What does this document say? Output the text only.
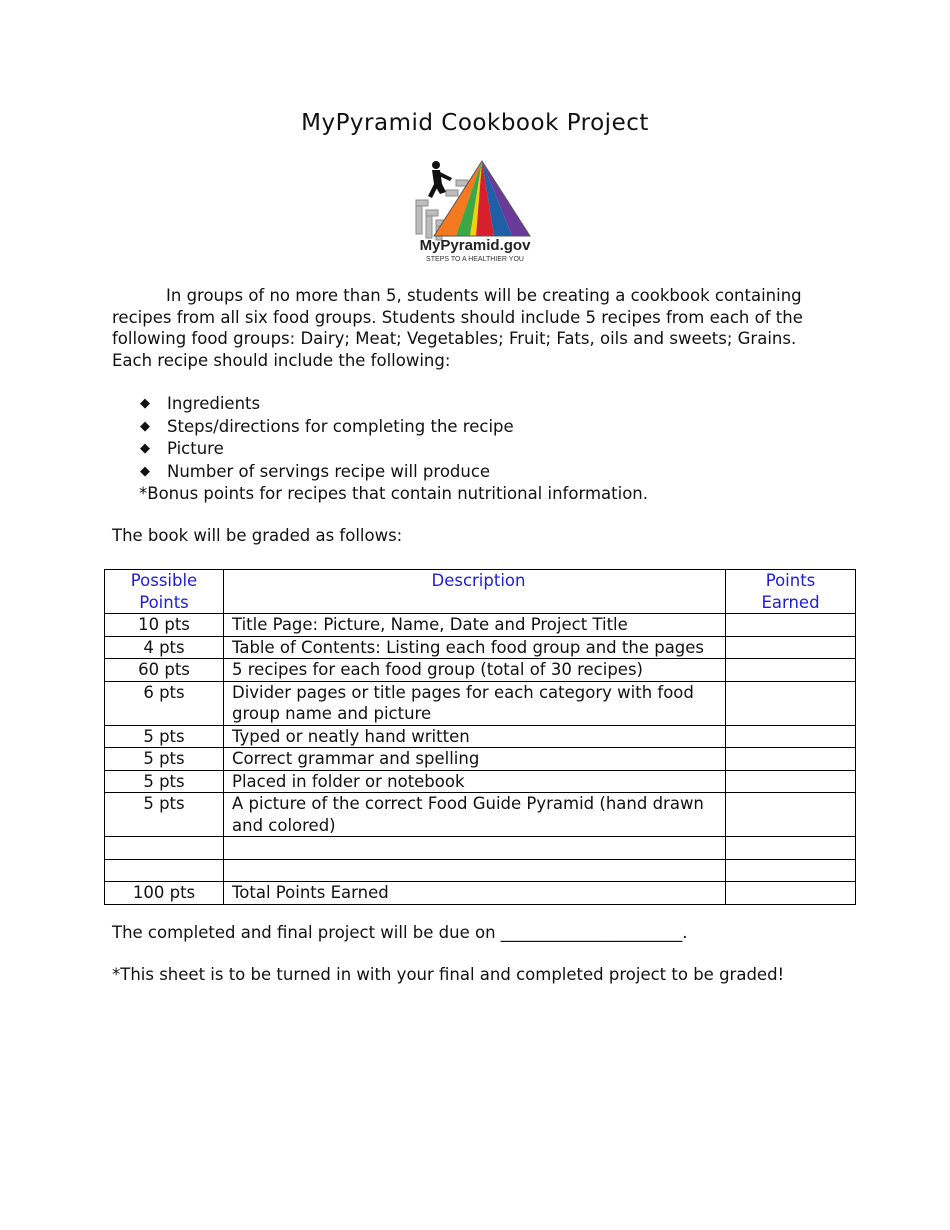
MyPyramid Cookbook Project
MyPyramid.gov
STEPS TO A HEALTHIER YOU

In groups of no more than 5, students will be creating a cookbook containing recipes from all six food groups. Students should include 5 recipes from each of the following food groups: Dairy; Meat; Vegetables; Fruit; Fats, oils and sweets; Grains. Each recipe should include the following:

◆ Ingredients
◆ Steps/directions for completing the recipe
◆ Picture
◆ Number of servings recipe will produce
*Bonus points for recipes that contain nutritional information.
The book will be graded as follows:
Possible
Points	Description	Points
Earned
10 pts	Title Page: Picture, Name, Date and Project Title	
4 pts	Table of Contents: Listing each food group and the pages	
60 pts	5 recipes for each food group (total of 30 recipes)	
6 pts	Divider pages or title pages for each category with food group name and picture	
5 pts	Typed or neatly hand written	
5 pts	Correct grammar and spelling	
5 pts	Placed in folder or notebook	
5 pts	A picture of the correct Food Guide Pyramid (hand drawn and colored)	

100 pts	Total Points Earned	
The completed and final project will be due on ______________________.
*This sheet is to be turned in with your final and completed project to be graded!
